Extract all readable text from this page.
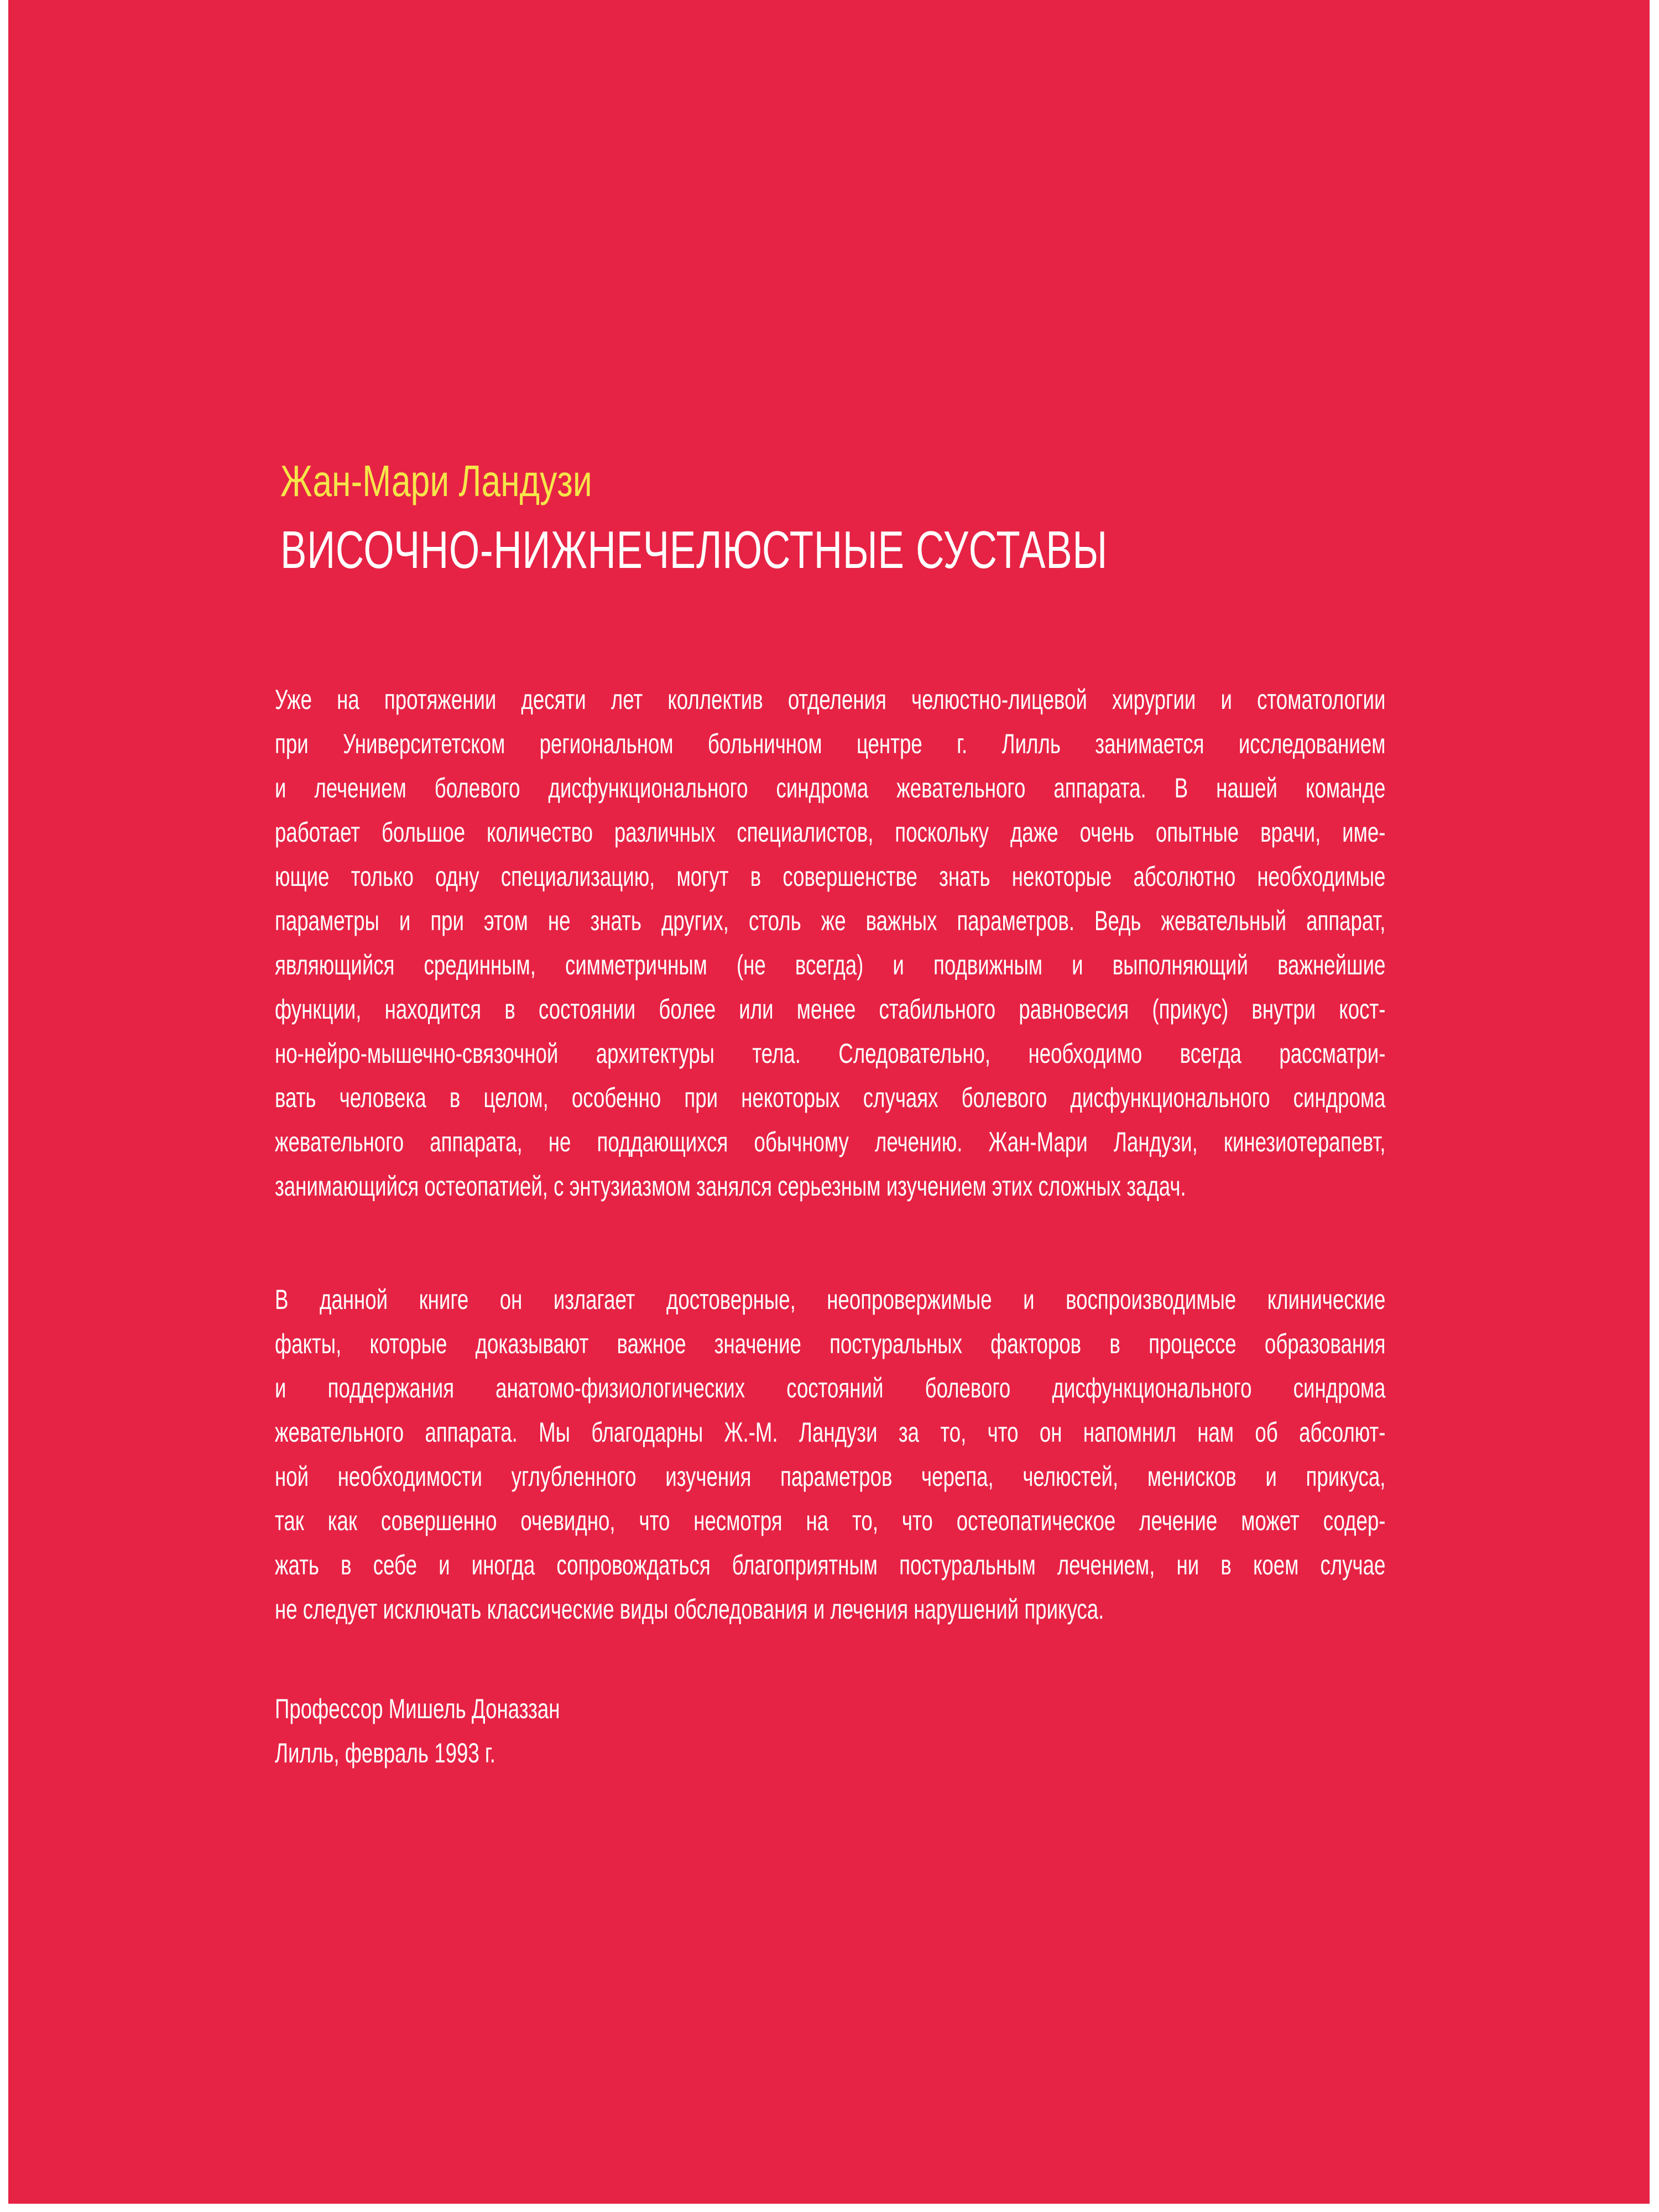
Жан-Мари Ландузи
ВИСОЧНО-НИЖНЕЧЕЛЮСТНЫЕ СУСТАВЫ
Уже на протяжении десяти лет коллектив отделения челюстно-лицевой хирургии и стоматологии
при Университетском региональном больничном центре г. Лилль занимается исследованием
и лечением болевого дисфункционального синдрома жевательного аппарата. В нашей команде
работает большое количество различных специалистов, поскольку даже очень опытные врачи, име-
ющие только одну специализацию, могут в совершенстве знать некоторые абсолютно необходимые
параметры и при этом не знать других, столь же важных параметров. Ведь жевательный аппарат,
являющийся срединным, симметричным (не всегда) и подвижным и выполняющий важнейшие
функции, находится в состоянии более или менее стабильного равновесия (прикус) внутри кост-
но-нейро-мышечно-связочной архитектуры тела. Следовательно, необходимо всегда рассматри-
вать человека в целом, особенно при некоторых случаях болевого дисфункционального синдрома
жевательного аппарата, не поддающихся обычному лечению. Жан-Мари Ландузи, кинезиотерапевт,
занимающийся остеопатией, с энтузиазмом занялся серьезным изучением этих сложных задач.
В данной книге он излагает достоверные, неопровержимые и воспроизводимые клинические
факты, которые доказывают важное значение постуральных факторов в процессе образования
и поддержания анатомо-физиологических состояний болевого дисфункционального синдрома
жевательного аппарата. Мы благодарны Ж.-М. Ландузи за то, что он напомнил нам об абсолют-
ной необходимости углубленного изучения параметров черепа, челюстей, менисков и прикуса,
так как совершенно очевидно, что несмотря на то, что остеопатическое лечение может содер-
жать в себе и иногда сопровождаться благоприятным постуральным лечением, ни в коем случае
не следует исключать классические виды обследования и лечения нарушений прикуса.
Профессор Мишель Доназзан
Лилль, февраль 1993 г.
